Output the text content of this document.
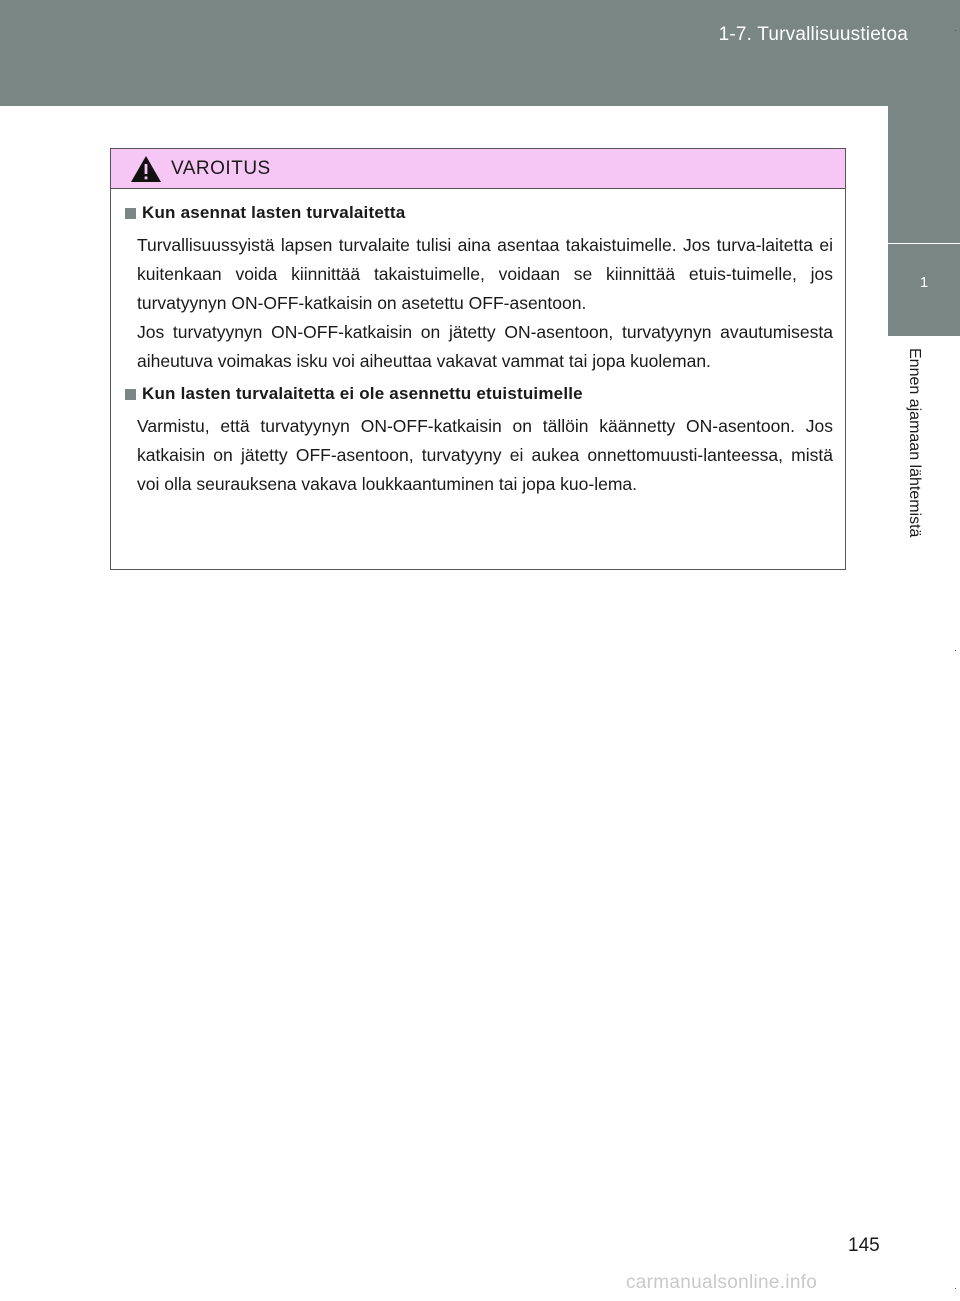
1-7. Turvallisuustietoa
1
Ennen ajamaan lähtemistä
VAROITUS
Kun asennat lasten turvalaitetta

Turvallisuussyistä lapsen turvalaite tulisi aina asentaa takaistuimelle. Jos turva-laitetta ei kuitenkaan voida kiinnittää takaistuimelle, voidaan se kiinnittää etuis-tuimelle, jos turvatyynyn ON-OFF-katkaisin on asetettu OFF-asentoon.

Jos turvatyynyn ON-OFF-katkaisin on jätetty ON-asentoon, turvatyynyn avautumisesta aiheutuva voimakas isku voi aiheuttaa vakavat vammat tai jopa kuoleman.

Kun lasten turvalaitetta ei ole asennettu etuistuimelle

Varmistu, että turvatyynyn ON-OFF-katkaisin on tällöin käännetty ON-asentoon. Jos katkaisin on jätetty OFF-asentoon, turvatyyny ei aukea onnettomuusti-lanteessa, mistä voi olla seurauksena vakava loukkaantuminen tai jopa kuo-lema.

145
carmanualsonline.info
